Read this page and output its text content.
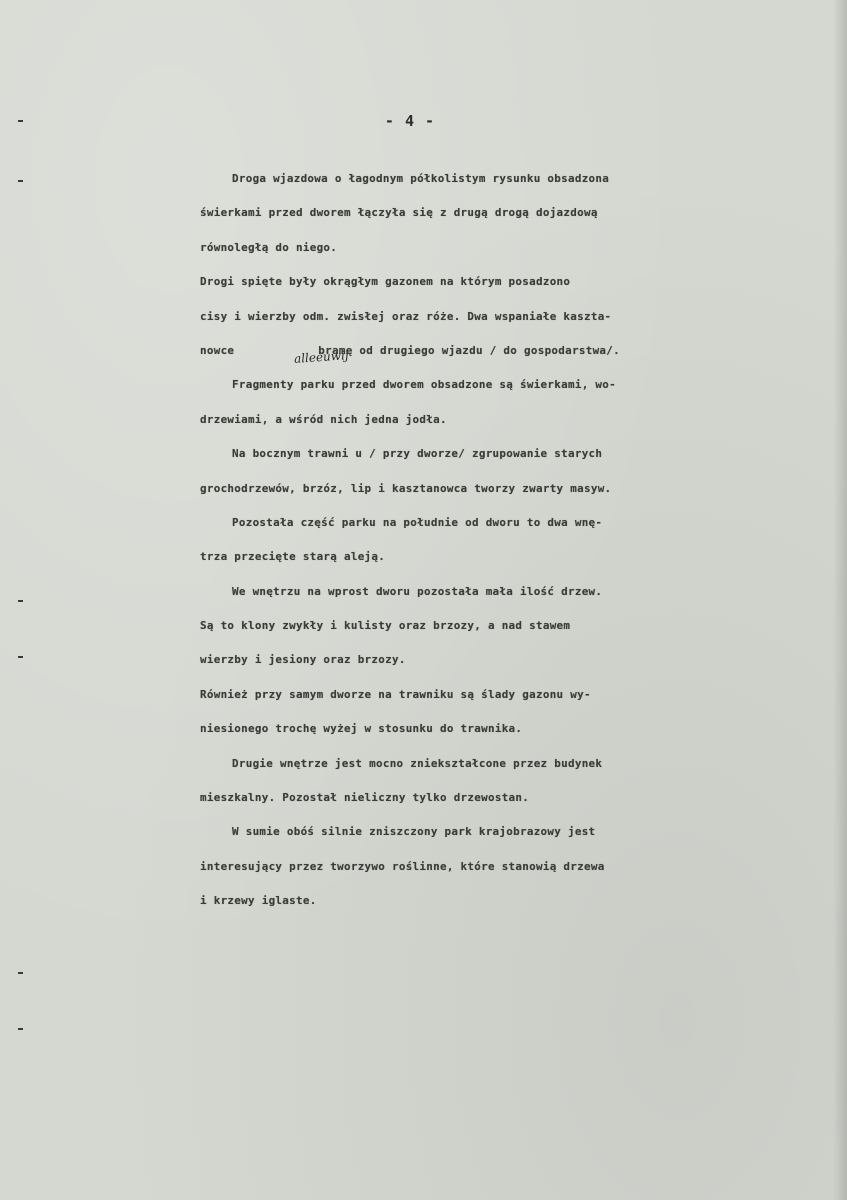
- 4 -
Droga wjazdowa o łagodnym półkolistym rysunku obsadzona
świerkami przed dworem łączyła się z drugą drogą dojazdową
równoległą do niego.
Drogi spięte były okrągłym gazonem na którym posadzono
cisy i wierzby odm. zwisłej oraz róże. Dwa wspaniałe kaszta-
nowce	alleeuwij
bramę od drugiego wjazdu / do gospodarstwa/.
Fragmenty parku przed dworem obsadzone są świerkami, wo-
drzewiami, a wśród nich jedna jodła.
Na bocznym trawni u / przy dworze/ zgrupowanie starych
grochodrzewów, brzóz, lip i kasztanowca tworzy zwarty masyw.
Pozostała część parku na południe od dworu to dwa wnę-
trza przecięte starą aleją.
We wnętrzu na wprost dworu pozostała mała ilość drzew.
Są to klony zwykły i kulisty oraz brzozy, a nad stawem
wierzby i jesiony oraz brzozy.
Również przy samym dworze na trawniku są ślady gazonu wy-
niesionego trochę wyżej w stosunku do trawnika.
Drugie wnętrze jest mocno zniekształcone przez budynek
mieszkalny. Pozostał nieliczny tylko drzewostan.
W sumie obóś silnie zniszczony park krajobrazowy jest
interesujący przez tworzywo roślinne, które stanowią drzewa
i krzewy iglaste.
